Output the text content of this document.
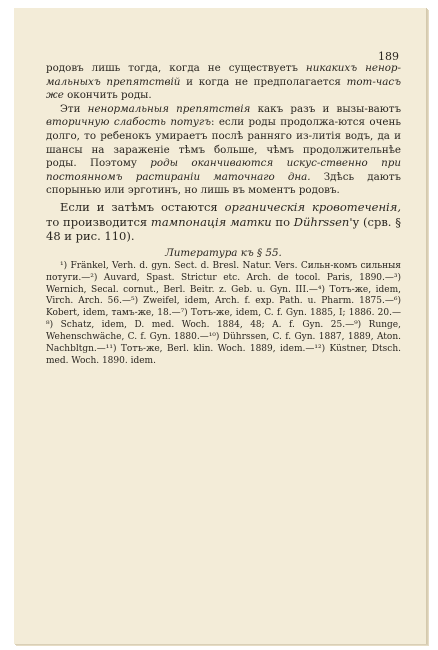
189

родовъ лишь тогда, когда не существуетъ никакихъ ненор-мальныхъ препятствій и когда не предполагается тот-часъ же окончить роды.

Эти ненормальныя препятствія какъ разъ и вызы-ваютъ вторичную слабость потугъ: если роды продолжа-ются очень долго, то ребенокъ умираетъ послѣ ранняго из-литія водъ, да и шансы на зараженіе тѣмъ больше, чѣмъ продолжительнѣе роды. Поэтому роды оканчиваются искус-ственно при постоянномъ растираніи маточнаго дна. Здѣсь даютъ спорынью или эрготинъ, но лишь въ моментъ родовъ.

Если и затѣмъ остаются органическія кровотеченія, то производится тампонація матки по Dührssen'у (срв. § 48 и рис. 110).

Литература къ § 55.

¹) Fränkel, Verh. d. gyn. Sect. d. Bresl. Natur. Vers. Сильн-комъ сильныя потуги.—²) Auvard, Spast. Strictur etc. Arch. de tocol. Paris, 1890.—³) Wernich, Secal. cornut., Berl. Beitr. z. Geb. u. Gyn. III.—⁴) Тотъ-же, idem, Virch. Arch. 56.—⁵) Zweifel, idem, Arch. f. exp. Path. u. Pharm. 1875.—⁶) Kobert, idem, тамъ-же, 18.—⁷) Тотъ-же, idem, C. f. Gyn. 1885, I; 1886. 20.—⁸) Schatz, idem, D. med. Woch. 1884, 48; A. f. Gyn. 25.—⁹) Runge, Wehenschwäche, C. f. Gyn. 1880.—¹⁰) Dührssen, C. f. Gyn. 1887, 1889, Aton. Nachbltgn.—¹¹) Тотъ-же, Berl. klin. Woch. 1889, idem.—¹²) Küstner, Dtsch. med. Woch. 1890. idem.
